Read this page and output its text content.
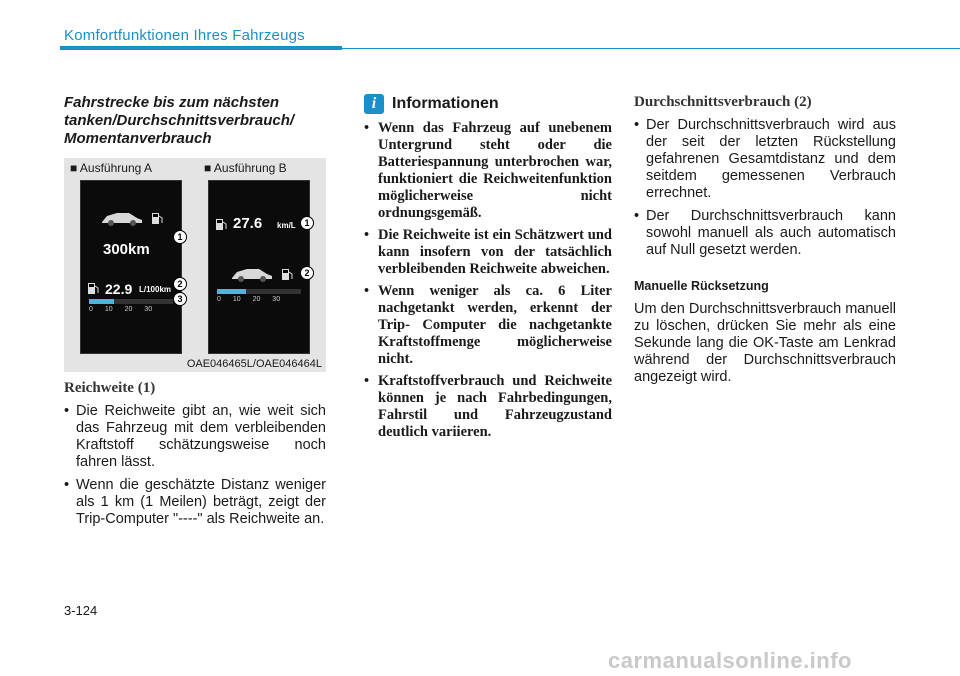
Komfortfunktionen Ihres Fahrzeugs
Fahrstrecke bis zum nächsten tanken/Durchschnittsverbrauch/ Momentanverbrauch
■ Ausführung A	■ Ausführung B
300km
22.9 L/100km
0 10 20 30
1
2
3
27.6 km/L
0 10 20 30
1
2
OAE046465L/OAE046464L
Reichweite (1)
• Die Reichweite gibt an, wie weit sich das Fahrzeug mit dem verbleibenden Kraftstoff schätzungsweise noch fahren lässt.
• Wenn die geschätzte Distanz weniger als 1 km (1 Meilen) beträgt, zeigt der Trip-Computer "----" als Reichweite an.
i Informationen
• Wenn das Fahrzeug auf unebenem Untergrund steht oder die Batteriespannung unterbrochen war, funktioniert die Reichweitenfunktion möglicherweise nicht ordnungsgemäß.
• Die Reichweite ist ein Schätzwert und kann insofern von der tatsächlich verbleibenden Reichweite abweichen.
• Wenn weniger als ca. 6 Liter nachgetankt werden, erkennt der Trip- Computer die nachgetankte Kraftstoffmenge möglicherweise nicht.
• Kraftstoffverbrauch und Reichweite können je nach Fahrbedingungen, Fahrstil und Fahrzeugzustand deutlich variieren.
Durchschnittsverbrauch (2)
• Der Durchschnittsverbrauch wird aus der seit der letzten Rückstellung gefahrenen Gesamtdistanz und dem seitdem gemessenen Verbrauch errechnet.
• Der Durchschnittsverbrauch kann sowohl manuell als auch automatisch auf Null gesetzt werden.
Manuelle Rücksetzung

Um den Durchschnittsverbrauch manuell zu löschen, drücken Sie mehr als eine Sekunde lang die OK-Taste am Lenkrad während der Durchschnittsverbrauch angezeigt wird.

3-124
carmanualsonline.info
